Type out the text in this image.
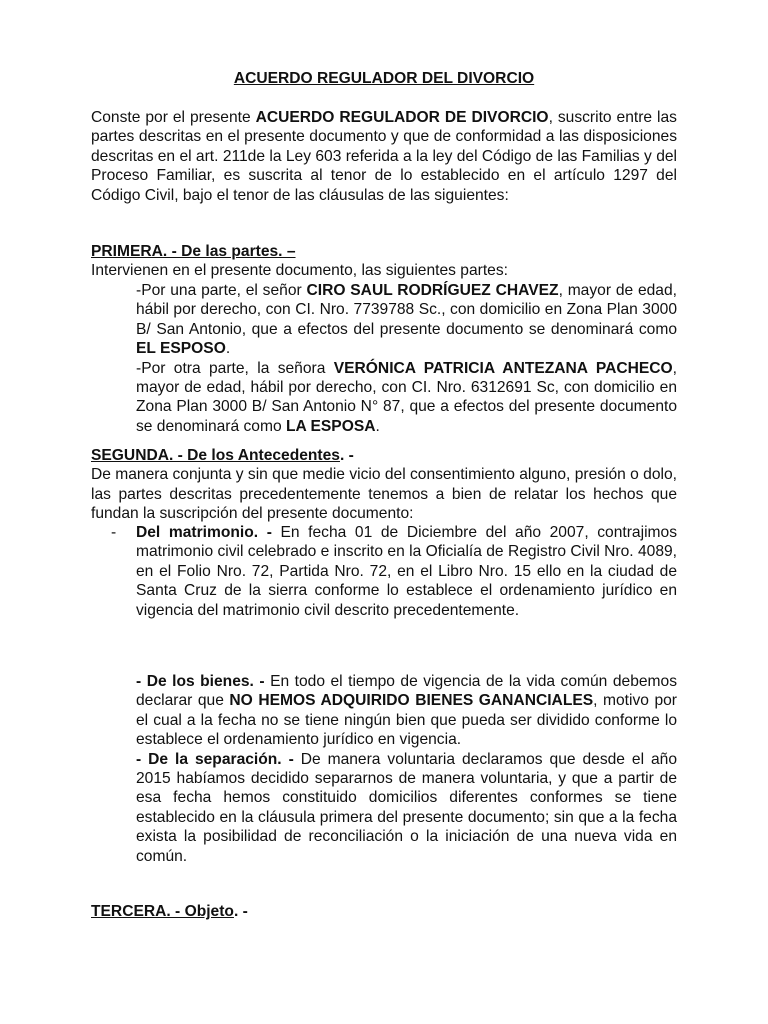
ACUERDO REGULADOR DEL DIVORCIO

Conste por el presente ACUERDO REGULADOR DE DIVORCIO, suscrito entre las partes descritas en el presente documento y que de conformidad a las disposiciones descritas en el art. 211de la Ley 603 referida a la ley del Código de las Familias y del Proceso Familiar, es suscrita al tenor de lo establecido en el artículo 1297 del Código Civil, bajo el tenor de las cláusulas de las siguientes:

PRIMERA. - De las partes. –

Intervienen en el presente documento, las siguientes partes:

-Por una parte, el señor CIRO SAUL RODRÍGUEZ CHAVEZ, mayor de edad, hábil por derecho, con CI. Nro. 7739788 Sc., con domicilio en Zona Plan 3000 B/ San Antonio, que a efectos del presente documento se denominará como EL ESPOSO.

-Por otra parte, la señora VERÓNICA PATRICIA ANTEZANA PACHECO, mayor de edad, hábil por derecho, con CI. Nro. 6312691 Sc, con domicilio en Zona Plan 3000 B/ San Antonio N° 87, que a efectos del presente documento se denominará como LA ESPOSA.

SEGUNDA. - De los Antecedentes. -

De manera conjunta y sin que medie vicio del consentimiento alguno, presión o dolo, las partes descritas precedentemente tenemos a bien de relatar los hechos que fundan la suscripción del presente documento:

- Del matrimonio. - En fecha 01 de Diciembre del año 2007, contrajimos matrimonio civil celebrado e inscrito en la Oficialía de Registro Civil Nro. 4089, en el Folio Nro. 72, Partida Nro. 72, en el Libro Nro. 15 ello en la ciudad de Santa Cruz de la sierra conforme lo establece el ordenamiento jurídico en vigencia del matrimonio civil descrito precedentemente.

- De los bienes. - En todo el tiempo de vigencia de la vida común debemos declarar que NO HEMOS ADQUIRIDO BIENES GANANCIALES, motivo por el cual a la fecha no se tiene ningún bien que pueda ser dividido conforme lo establece el ordenamiento jurídico en vigencia.

- De la separación. - De manera voluntaria declaramos que desde el año 2015 habíamos decidido separarnos de manera voluntaria, y que a partir de esa fecha hemos constituido domicilios diferentes conformes se tiene establecido en la cláusula primera del presente documento; sin que a la fecha exista la posibilidad de reconciliación o la iniciación de una nueva vida en común.

TERCERA. - Objeto. -
